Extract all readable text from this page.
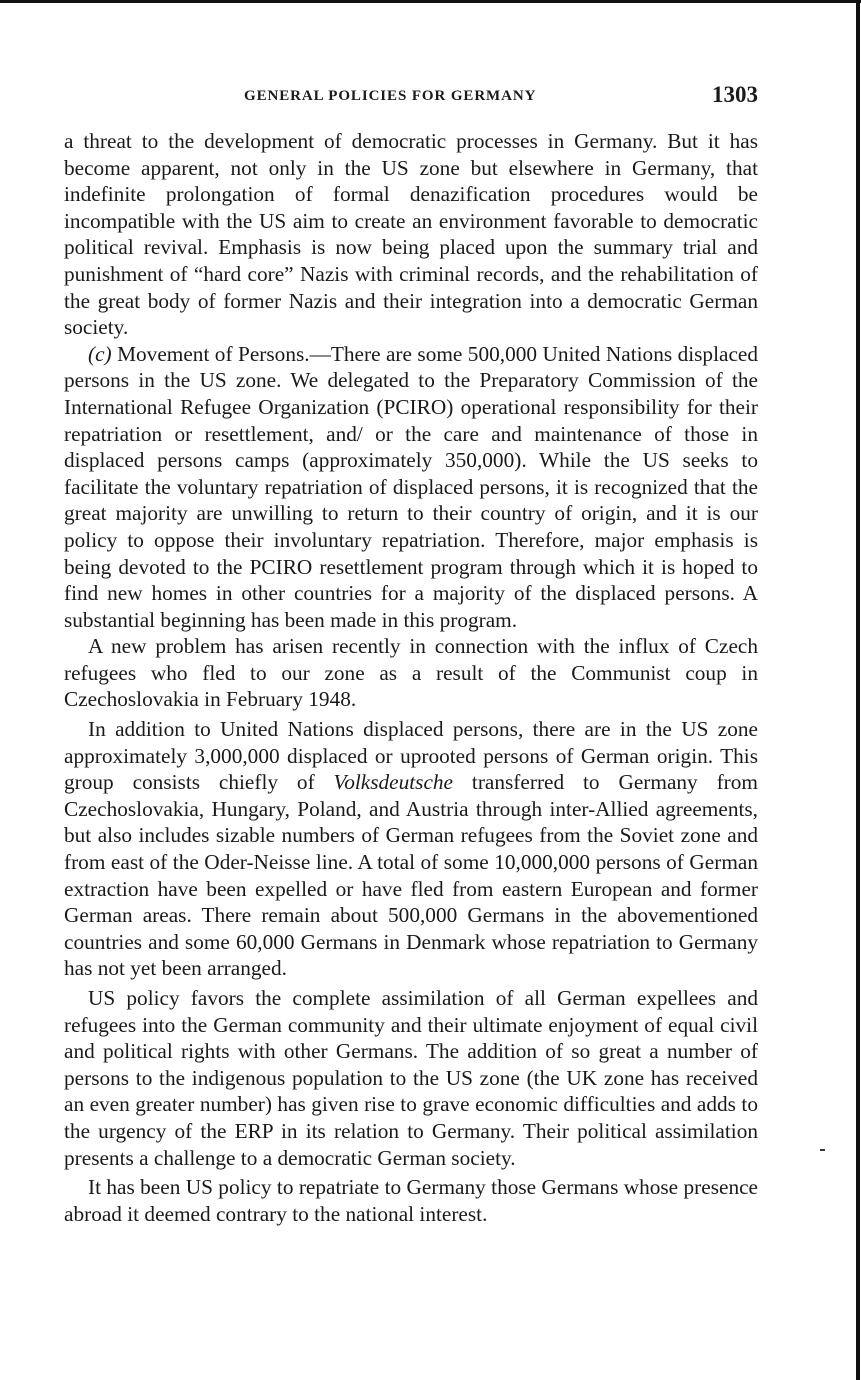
GENERAL POLICIES FOR GERMANY	1303

a threat to the development of democratic processes in Germany. But it has become apparent, not only in the US zone but elsewhere in Germany, that indefinite prolongation of formal denazification procedures would be incompatible with the US aim to create an environment favorable to democratic political revival. Emphasis is now being placed upon the summary trial and punishment of “hard core” Nazis with criminal records, and the rehabilitation of the great body of former Nazis and their integration into a democratic German society.

(c) Movement of Persons.—There are some 500,000 United Nations displaced persons in the US zone. We delegated to the Preparatory Commission of the International Refugee Organization (PCIRO) operational responsibility for their repatriation or resettlement, and/ or the care and maintenance of those in displaced persons camps (approximately 350,000). While the US seeks to facilitate the voluntary repatriation of displaced persons, it is recognized that the great majority are unwilling to return to their country of origin, and it is our policy to oppose their involuntary repatriation. Therefore, major emphasis is being devoted to the PCIRO resettlement program through which it is hoped to find new homes in other countries for a majority of the displaced persons. A substantial beginning has been made in this program.

A new problem has arisen recently in connection with the influx of Czech refugees who fled to our zone as a result of the Communist coup in Czechoslovakia in February 1948.

In addition to United Nations displaced persons, there are in the US zone approximately 3,000,000 displaced or uprooted persons of German origin. This group consists chiefly of Volksdeutsche transferred to Germany from Czechoslovakia, Hungary, Poland, and Austria through inter-Allied agreements, but also includes sizable numbers of German refugees from the Soviet zone and from east of the Oder-Neisse line. A total of some 10,000,000 persons of German extraction have been expelled or have fled from eastern European and former German areas. There remain about 500,000 Germans in the abovementioned countries and some 60,000 Germans in Denmark whose repatriation to Germany has not yet been arranged.

US policy favors the complete assimilation of all German expellees and refugees into the German community and their ultimate enjoyment of equal civil and political rights with other Germans. The addition of so great a number of persons to the indigenous population to the US zone (the UK zone has received an even greater number) has given rise to grave economic difficulties and adds to the urgency of the ERP in its relation to Germany. Their political assimilation presents a challenge to a democratic German society.

It has been US policy to repatriate to Germany those Germans whose presence abroad it deemed contrary to the national interest.
